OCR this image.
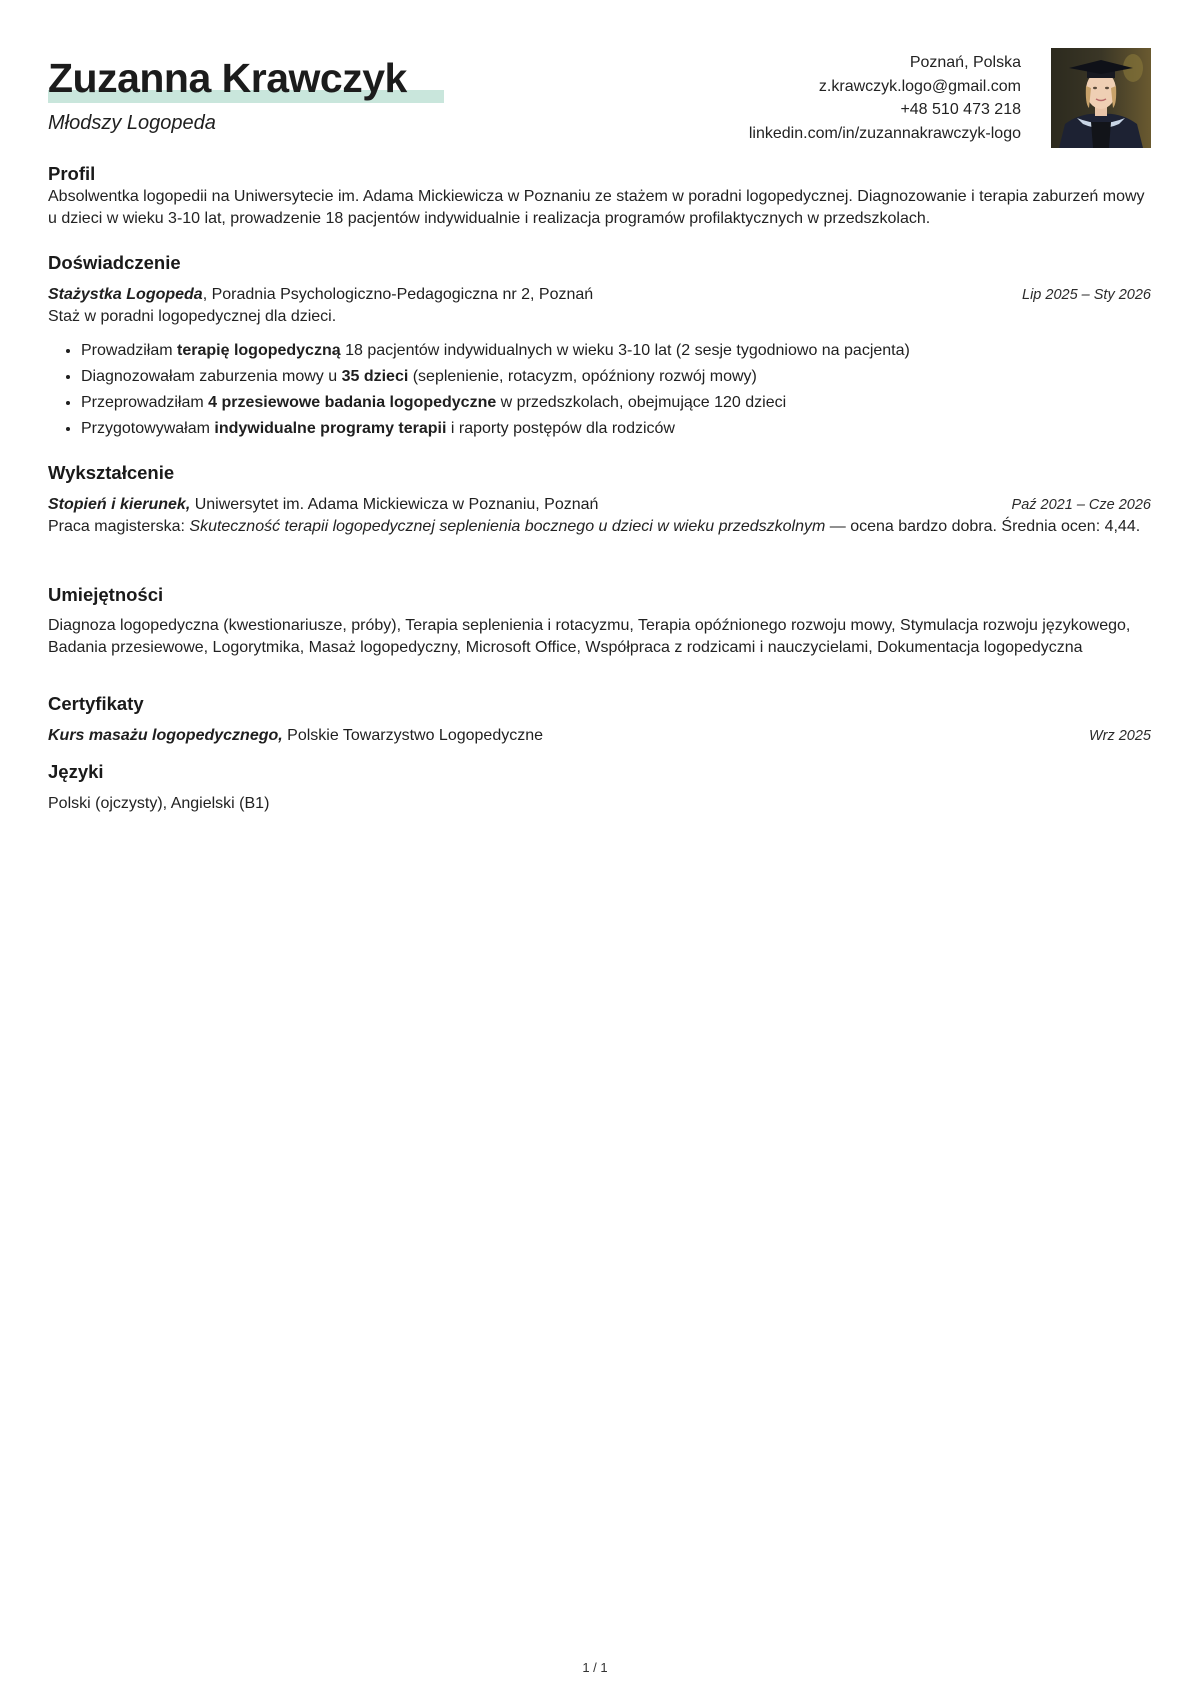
Zuzanna Krawczyk
Młodszy Logopeda
Poznań, Polska
z.krawczyk.logo@gmail.com
+48 510 473 218
linkedin.com/in/zuzannakrawczyk-logo
Profil
Absolwentka logopedii na Uniwersytecie im. Adama Mickiewicza w Poznaniu ze stażem w poradni logopedycznej. Diagnozowanie i terapia zaburzeń mowy u dzieci w wieku 3-10 lat, prowadzenie 18 pacjentów indywidualnie i realizacja programów profilaktycznych w przedszkolach.
Doświadczenie
Stażystka Logopeda, Poradnia Psychologiczno-Pedagogiczna nr 2, Poznań	Lip 2025 – Sty 2026
Staż w poradni logopedycznej dla dzieci.
• Prowadziłam terapię logopedyczną 18 pacjentów indywidualnych w wieku 3-10 lat (2 sesje tygodniowo na pacjenta)
• Diagnozowałam zaburzenia mowy u 35 dzieci (seplenienie, rotacyzm, opóźniony rozwój mowy)
• Przeprowadziłam 4 przesiewowe badania logopedyczne w przedszkolach, obejmujące 120 dzieci
• Przygotowywałam indywidualne programy terapii i raporty postępów dla rodziców
Wykształcenie
Stopień i kierunek, Uniwersytet im. Adama Mickiewicza w Poznaniu, Poznań	Paź 2021 – Cze 2026
Praca magisterska: Skuteczność terapii logopedycznej seplenienia bocznego u dzieci w wieku przedszkolnym — ocena bardzo dobra. Średnia ocen: 4,44.
Umiejętności
Diagnoza logopedyczna (kwestionariusze, próby), Terapia seplenienia i rotacyzmu, Terapia opóźnionego rozwoju mowy, Stymulacja rozwoju językowego, Badania przesiewowe, Logorytmika, Masaż logopedyczny, Microsoft Office, Współpraca z rodzicami i nauczycielami, Dokumentacja logopedyczna
Certyfikaty
Kurs masażu logopedycznego, Polskie Towarzystwo Logopedyczne	Wrz 2025
Języki
Polski (ojczysty), Angielski (B1)
1 / 1
